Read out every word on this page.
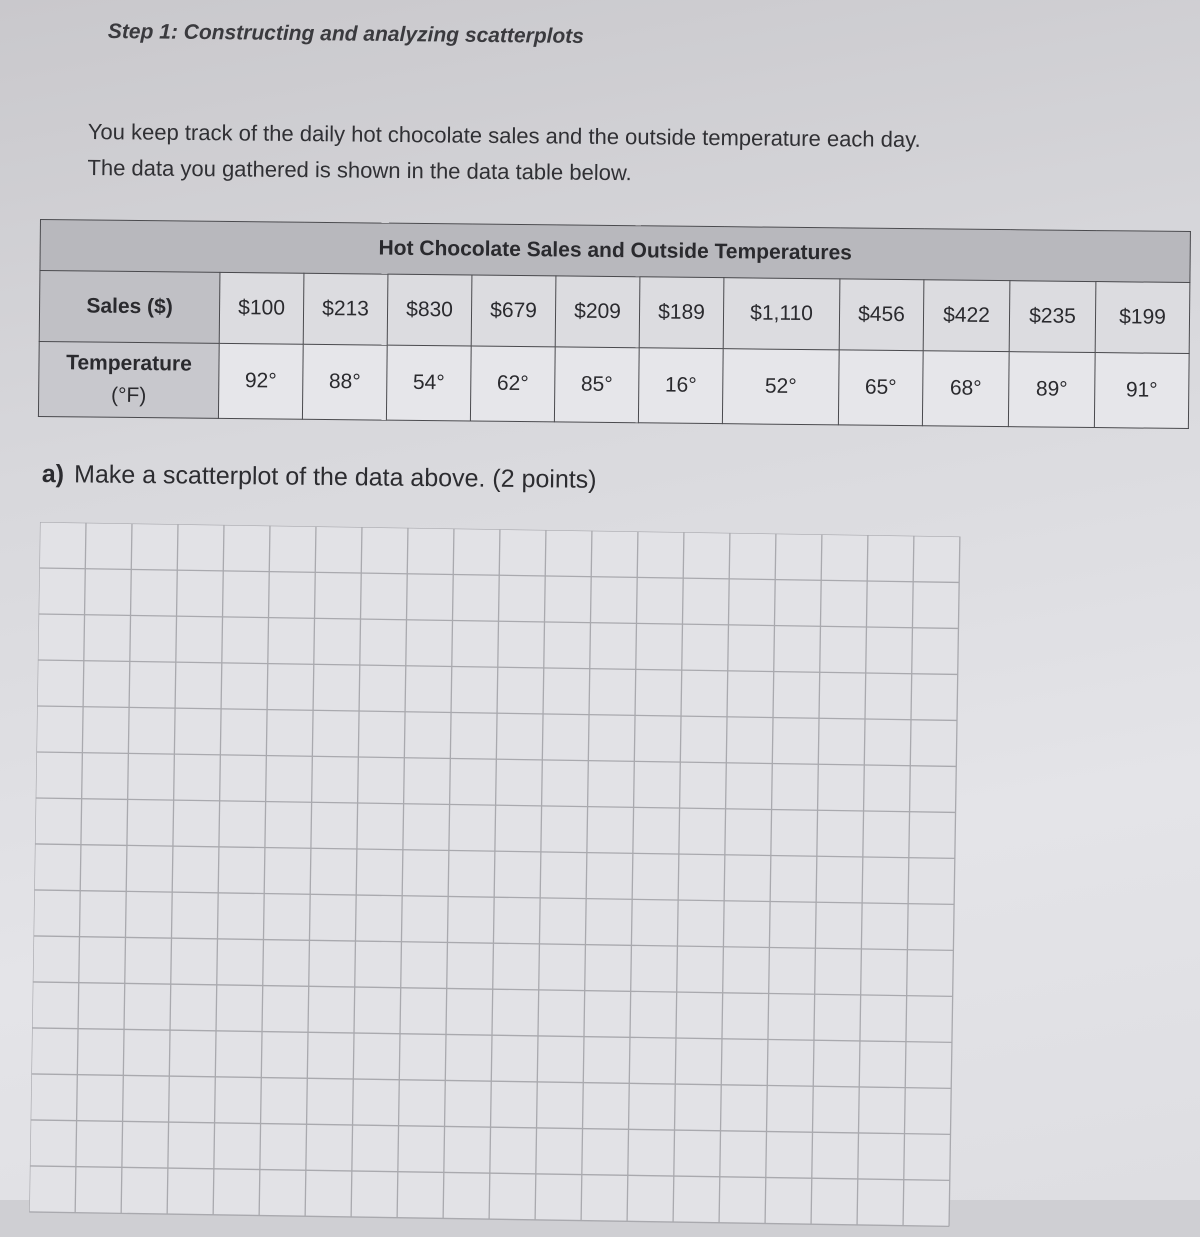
Step 1: Constructing and analyzing scatterplots

You keep track of the daily hot chocolate sales and the outside temperature each day.

The data you gathered is shown in the data table below.

Hot Chocolate Sales and Outside Temperatures											
Sales ($)	$100	$213	$830	$679	$209	$189	$1,110	$456	$422	$235	$199
Temperature
(°F)	92°	88°	54°	62°	85°	16°	52°	65°	68°	89°	91°
a) Make a scatterplot of the data above. (2 points)
